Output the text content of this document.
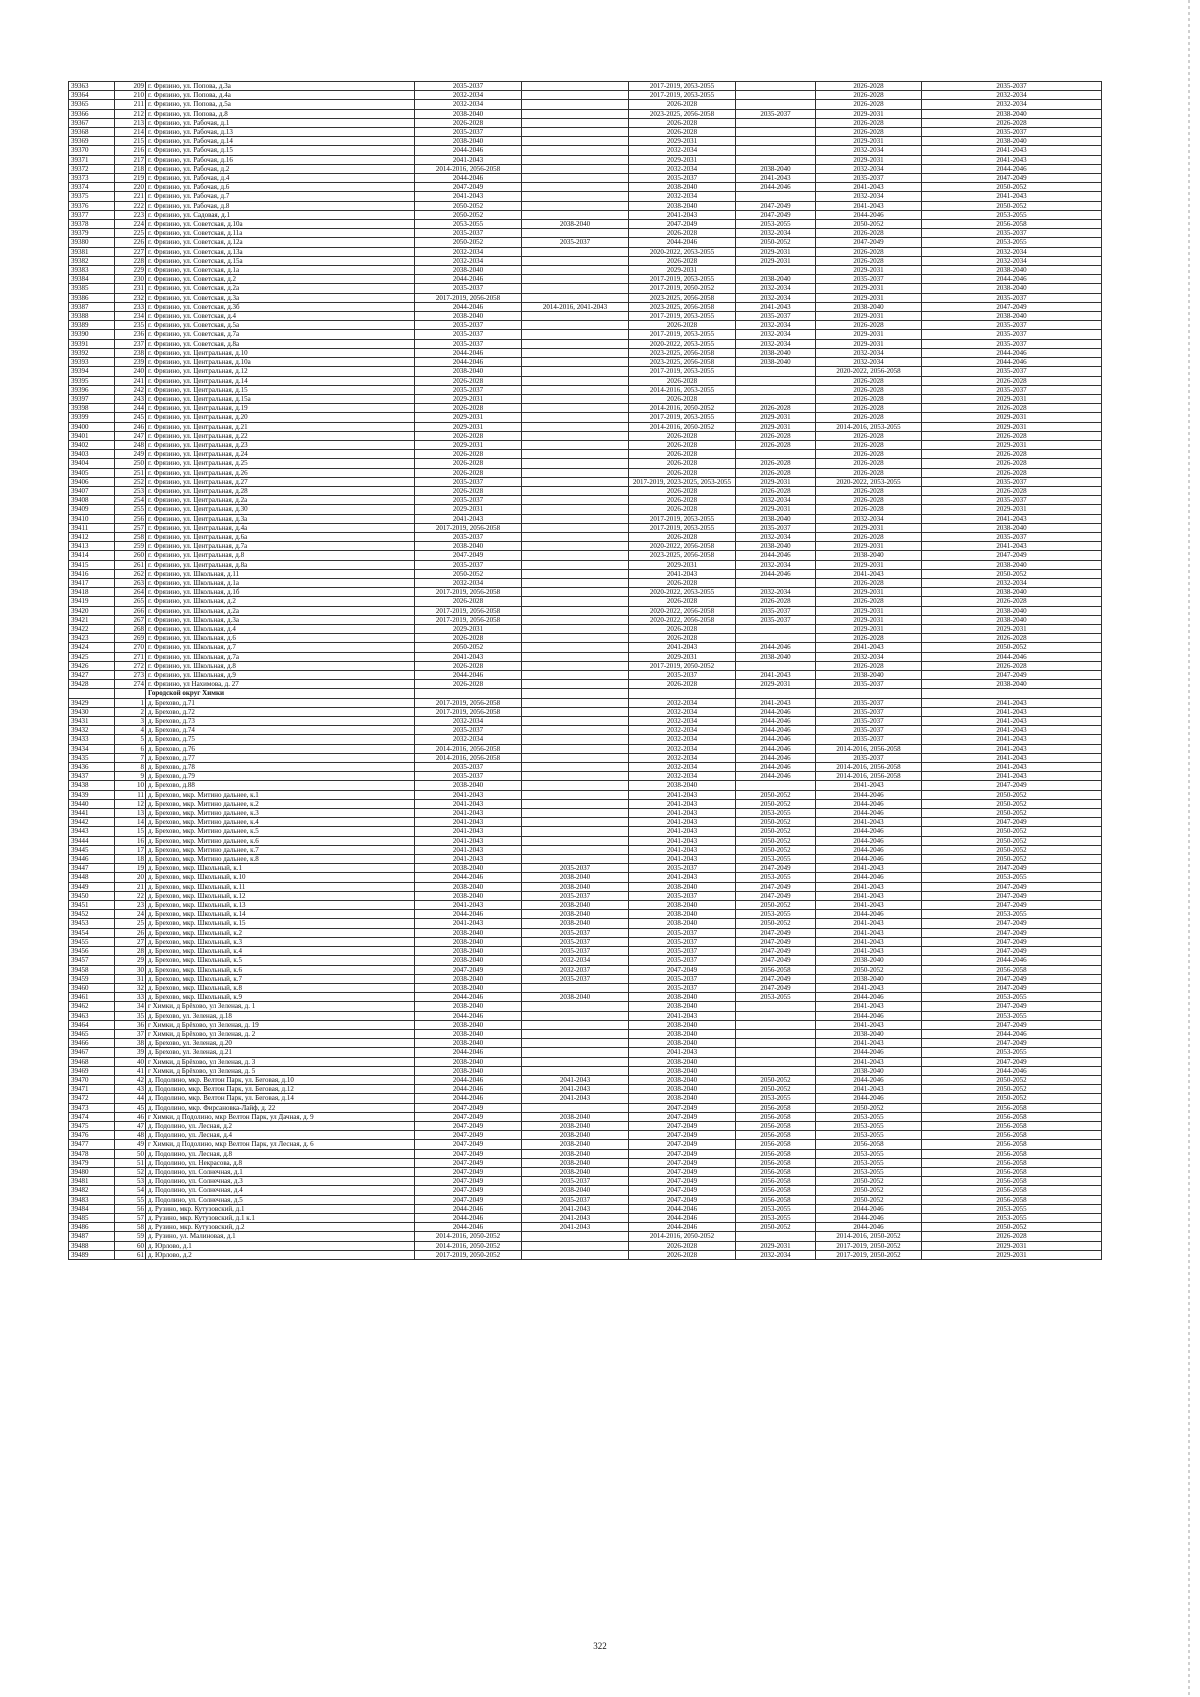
39363	209	г. Фрязино, ул. Попова, д.3а	2035-2037		2017-2019, 2053-2055		2026-2028	2035-2037
39364	210	г. Фрязино, ул. Попова, д.4а	2032-2034		2017-2019, 2053-2055		2026-2028	2032-2034
39365	211	г. Фрязино, ул. Попова, д.5а	2032-2034		2026-2028		2026-2028	2032-2034
39366	212	г. Фрязино, ул. Попова, д.8	2038-2040		2023-2025, 2056-2058	2035-2037	2029-2031	2038-2040
39367	213	г. Фрязино, ул. Рабочая, д.1	2026-2028		2026-2028		2026-2028	2026-2028
39368	214	г. Фрязино, ул. Рабочая, д.13	2035-2037		2026-2028		2026-2028	2035-2037
39369	215	г. Фрязино, ул. Рабочая, д.14	2038-2040		2029-2031		2029-2031	2038-2040
39370	216	г. Фрязино, ул. Рабочая, д.15	2044-2046		2032-2034		2032-2034	2041-2043
39371	217	г. Фрязино, ул. Рабочая, д.16	2041-2043		2029-2031		2029-2031	2041-2043
39372	218	г. Фрязино, ул. Рабочая, д.2	2014-2016, 2056-2058		2032-2034	2038-2040	2032-2034	2044-2046
39373	219	г. Фрязино, ул. Рабочая, д.4	2044-2046		2035-2037	2041-2043	2035-2037	2047-2049
39374	220	г. Фрязино, ул. Рабочая, д.6	2047-2049		2038-2040	2044-2046	2041-2043	2050-2052
39375	221	г. Фрязино, ул. Рабочая, д.7	2041-2043		2032-2034		2032-2034	2041-2043
39376	222	г. Фрязино, ул. Рабочая, д.8	2050-2052		2038-2040	2047-2049	2041-2043	2050-2052
39377	223	г. Фрязино, ул. Садовая, д.1	2050-2052		2041-2043	2047-2049	2044-2046	2053-2055
39378	224	г. Фрязино, ул. Советская, д.10а	2053-2055	2038-2040	2047-2049	2053-2055	2050-2052	2056-2058
39379	225	г. Фрязино, ул. Советская, д.11а	2035-2037		2026-2028	2032-2034	2026-2028	2035-2037
39380	226	г. Фрязино, ул. Советская, д.12а	2050-2052	2035-2037	2044-2046	2050-2052	2047-2049	2053-2055
39381	227	г. Фрязино, ул. Советская, д.13а	2032-2034		2020-2022, 2053-2055	2029-2031	2026-2028	2032-2034
39382	228	г. Фрязино, ул. Советская, д.15а	2032-2034		2026-2028	2029-2031	2026-2028	2032-2034
39383	229	г. Фрязино, ул. Советская, д.1а	2038-2040		2029-2031		2029-2031	2038-2040
39384	230	г. Фрязино, ул. Советская, д.2	2044-2046		2017-2019, 2053-2055	2038-2040	2035-2037	2044-2046
39385	231	г. Фрязино, ул. Советская, д.2а	2035-2037		2017-2019, 2050-2052	2032-2034	2029-2031	2038-2040
39386	232	г. Фрязино, ул. Советская, д.3а	2017-2019, 2056-2058		2023-2025, 2056-2058	2032-2034	2029-2031	2035-2037
39387	233	г. Фрязино, ул. Советская, д.3б	2044-2046	2014-2016, 2041-2043	2023-2025, 2056-2058	2041-2043	2038-2040	2047-2049
39388	234	г. Фрязино, ул. Советская, д.4	2038-2040		2017-2019, 2053-2055	2035-2037	2029-2031	2038-2040
39389	235	г. Фрязино, ул. Советская, д.5а	2035-2037		2026-2028	2032-2034	2026-2028	2035-2037
39390	236	г. Фрязино, ул. Советская, д.7а	2035-2037		2017-2019, 2053-2055	2032-2034	2029-2031	2035-2037
39391	237	г. Фрязино, ул. Советская, д.8а	2035-2037		2020-2022, 2053-2055	2032-2034	2029-2031	2035-2037
39392	238	г. Фрязино, ул. Центральная, д.10	2044-2046		2023-2025, 2056-2058	2038-2040	2032-2034	2044-2046
39393	239	г. Фрязино, ул. Центральная, д.10а	2044-2046		2023-2025, 2056-2058	2038-2040	2032-2034	2044-2046
39394	240	г. Фрязино, ул. Центральная, д.12	2038-2040		2017-2019, 2053-2055		2020-2022, 2056-2058	2035-2037
39395	241	г. Фрязино, ул. Центральная, д.14	2026-2028		2026-2028		2026-2028	2026-2028
39396	242	г. Фрязино, ул. Центральная, д.15	2035-2037		2014-2016, 2053-2055		2026-2028	2035-2037
39397	243	г. Фрязино, ул. Центральная, д.15а	2029-2031		2026-2028		2026-2028	2029-2031
39398	244	г. Фрязино, ул. Центральная, д.19	2026-2028		2014-2016, 2050-2052	2026-2028	2026-2028	2026-2028
39399	245	г. Фрязино, ул. Центральная, д.20	2029-2031		2017-2019, 2053-2055	2029-2031	2026-2028	2029-2031
39400	246	г. Фрязино, ул. Центральная, д.21	2029-2031		2014-2016, 2050-2052	2029-2031	2014-2016, 2053-2055	2029-2031
39401	247	г. Фрязино, ул. Центральная, д.22	2026-2028		2026-2028	2026-2028	2026-2028	2026-2028
39402	248	г. Фрязино, ул. Центральная, д.23	2029-2031		2026-2028	2026-2028	2026-2028	2029-2031
39403	249	г. Фрязино, ул. Центральная, д.24	2026-2028		2026-2028		2026-2028	2026-2028
39404	250	г. Фрязино, ул. Центральная, д.25	2026-2028		2026-2028	2026-2028	2026-2028	2026-2028
39405	251	г. Фрязино, ул. Центральная, д.26	2026-2028		2026-2028	2026-2028	2026-2028	2026-2028
39406	252	г. Фрязино, ул. Центральная, д.27	2035-2037		2017-2019, 2023-2025, 2053-2055	2029-2031	2020-2022, 2053-2055	2035-2037
39407	253	г. Фрязино, ул. Центральная, д.28	2026-2028		2026-2028	2026-2028	2026-2028	2026-2028
39408	254	г. Фрязино, ул. Центральная, д.2а	2035-2037		2026-2028	2032-2034	2026-2028	2035-2037
39409	255	г. Фрязино, ул. Центральная, д.30	2029-2031		2026-2028	2029-2031	2026-2028	2029-2031
39410	256	г. Фрязино, ул. Центральная, д.3а	2041-2043		2017-2019, 2053-2055	2038-2040	2032-2034	2041-2043
39411	257	г. Фрязино, ул. Центральная, д.4а	2017-2019, 2056-2058		2017-2019, 2053-2055	2035-2037	2029-2031	2038-2040
39412	258	г. Фрязино, ул. Центральная, д.6а	2035-2037		2026-2028	2032-2034	2026-2028	2035-2037
39413	259	г. Фрязино, ул. Центральная, д.7а	2038-2040		2020-2022, 2056-2058	2038-2040	2029-2031	2041-2043
39414	260	г. Фрязино, ул. Центральная, д.8	2047-2049		2023-2025, 2056-2058	2044-2046	2038-2040	2047-2049
39415	261	г. Фрязино, ул. Центральная, д.8а	2035-2037		2029-2031	2032-2034	2029-2031	2038-2040
39416	262	г. Фрязино, ул. Школьная, д.11	2050-2052		2041-2043	2044-2046	2041-2043	2050-2052
39417	263	г. Фрязино, ул. Школьная, д.1а	2032-2034		2026-2028		2026-2028	2032-2034
39418	264	г. Фрязино, ул. Школьная, д.1б	2017-2019, 2056-2058		2020-2022, 2053-2055	2032-2034	2029-2031	2038-2040
39419	265	г. Фрязино, ул. Школьная, д.2	2026-2028		2026-2028	2026-2028	2026-2028	2026-2028
39420	266	г. Фрязино, ул. Школьная, д.2а	2017-2019, 2056-2058		2020-2022, 2056-2058	2035-2037	2029-2031	2038-2040
39421	267	г. Фрязино, ул. Школьная, д.3а	2017-2019, 2056-2058		2020-2022, 2056-2058	2035-2037	2029-2031	2038-2040
39422	268	г. Фрязино, ул. Школьная, д.4	2029-2031		2026-2028		2029-2031	2029-2031
39423	269	г. Фрязино, ул. Школьная, д.6	2026-2028		2026-2028		2026-2028	2026-2028
39424	270	г. Фрязино, ул. Школьная, д.7	2050-2052		2041-2043	2044-2046	2041-2043	2050-2052
39425	271	г. Фрязино, ул. Школьная, д.7а	2041-2043		2029-2031	2038-2040	2032-2034	2044-2046
39426	272	г. Фрязино, ул. Школьная, д.8	2026-2028		2017-2019, 2050-2052		2026-2028	2026-2028
39427	273	г. Фрязино, ул. Школьная, д.9	2044-2046		2035-2037	2041-2043	2038-2040	2047-2049
39428	274	г. Фрязино, ул Нахимова, д. 27	2026-2028		2026-2028	2029-2031	2035-2037	2038-2040
		Городской округ Химки						
39429	1	д. Брехово, д.71	2017-2019, 2056-2058		2032-2034	2041-2043	2035-2037	2041-2043
39430	2	д. Брехово, д.72	2017-2019, 2056-2058		2032-2034	2044-2046	2035-2037	2041-2043
39431	3	д. Брехово, д.73	2032-2034		2032-2034	2044-2046	2035-2037	2041-2043
39432	4	д. Брехово, д.74	2035-2037		2032-2034	2044-2046	2035-2037	2041-2043
39433	5	д. Брехово, д.75	2032-2034		2032-2034	2044-2046	2035-2037	2041-2043
39434	6	д. Брехово, д.76	2014-2016, 2056-2058		2032-2034	2044-2046	2014-2016, 2056-2058	2041-2043
39435	7	д. Брехово, д.77	2014-2016, 2056-2058		2032-2034	2044-2046	2035-2037	2041-2043
39436	8	д. Брехово, д.78	2035-2037		2032-2034	2044-2046	2014-2016, 2056-2058	2041-2043
39437	9	д. Брехово, д.79	2035-2037		2032-2034	2044-2046	2014-2016, 2056-2058	2041-2043
39438	10	д. Брехово, д.88	2038-2040		2038-2040		2041-2043	2047-2049
39439	11	д. Брехово, мкр. Митино дальнее, к.1	2041-2043		2041-2043	2050-2052	2044-2046	2050-2052
39440	12	д. Брехово, мкр. Митино дальнее, к.2	2041-2043		2041-2043	2050-2052	2044-2046	2050-2052
39441	13	д. Брехово, мкр. Митино дальнее, к.3	2041-2043		2041-2043	2053-2055	2044-2046	2050-2052
39442	14	д. Брехово, мкр. Митино дальнее, к.4	2041-2043		2041-2043	2050-2052	2041-2043	2047-2049
39443	15	д. Брехово, мкр. Митино дальнее, к.5	2041-2043		2041-2043	2050-2052	2044-2046	2050-2052
39444	16	д. Брехово, мкр. Митино дальнее, к.6	2041-2043		2041-2043	2050-2052	2044-2046	2050-2052
39445	17	д. Брехово, мкр. Митино дальнее, к.7	2041-2043		2041-2043	2050-2052	2044-2046	2050-2052
39446	18	д. Брехово, мкр. Митино дальнее, к.8	2041-2043		2041-2043	2053-2055	2044-2046	2050-2052
39447	19	д. Брехово, мкр. Школьный, к.1	2038-2040	2035-2037	2035-2037	2047-2049	2041-2043	2047-2049
39448	20	д. Брехово, мкр. Школьный, к.10	2044-2046	2038-2040	2041-2043	2053-2055	2044-2046	2053-2055
39449	21	д. Брехово, мкр. Школьный, к.11	2038-2040	2038-2040	2038-2040	2047-2049	2041-2043	2047-2049
39450	22	д. Брехово, мкр. Школьный, к.12	2038-2040	2035-2037	2035-2037	2047-2049	2041-2043	2047-2049
39451	23	д. Брехово, мкр. Школьный, к.13	2041-2043	2038-2040	2038-2040	2050-2052	2041-2043	2047-2049
39452	24	д. Брехово, мкр. Школьный, к.14	2044-2046	2038-2040	2038-2040	2053-2055	2044-2046	2053-2055
39453	25	д. Брехово, мкр. Школьный, к.15	2041-2043	2038-2040	2038-2040	2050-2052	2041-2043	2047-2049
39454	26	д. Брехово, мкр. Школьный, к.2	2038-2040	2035-2037	2035-2037	2047-2049	2041-2043	2047-2049
39455	27	д. Брехово, мкр. Школьный, к.3	2038-2040	2035-2037	2035-2037	2047-2049	2041-2043	2047-2049
39456	28	д. Брехово, мкр. Школьный, к.4	2038-2040	2035-2037	2035-2037	2047-2049	2041-2043	2047-2049
39457	29	д. Брехово, мкр. Школьный, к.5	2038-2040	2032-2034	2035-2037	2047-2049	2038-2040	2044-2046
39458	30	д. Брехово, мкр. Школьный, к.6	2047-2049	2032-2037	2047-2049	2056-2058	2050-2052	2056-2058
39459	31	д. Брехово, мкр. Школьный, к.7	2038-2040	2035-2037	2035-2037	2047-2049	2038-2040	2047-2049
39460	32	д. Брехово, мкр. Школьный, к.8	2038-2040		2035-2037	2047-2049	2041-2043	2047-2049
39461	33	д. Брехово, мкр. Школьный, к.9	2044-2046	2038-2040	2038-2040	2053-2055	2044-2046	2053-2055
39462	34	г Химки, д Брёхово, ул Зеленая, д. 1	2038-2040		2038-2040		2041-2043	2047-2049
39463	35	д. Брехово, ул. Зеленая, д.18	2044-2046		2041-2043		2044-2046	2053-2055
39464	36	г Химки, д Брёхово, ул Зеленая, д. 19	2038-2040		2038-2040		2041-2043	2047-2049
39465	37	г Химки, д Брёхово, ул Зеленая, д. 2	2038-2040		2038-2040		2038-2040	2044-2046
39466	38	д. Брехово, ул. Зеленая, д.20	2038-2040		2038-2040		2041-2043	2047-2049
39467	39	д. Брехово, ул. Зеленая, д.21	2044-2046		2041-2043		2044-2046	2053-2055
39468	40	г Химки, д Брёхово, ул Зеленая, д. 3	2038-2040		2038-2040		2041-2043	2047-2049
39469	41	г Химки, д Брёхово, ул Зеленая, д. 5	2038-2040		2038-2040		2038-2040	2044-2046
39470	42	д. Подолино, мкр. Велтон Парк, ул. Беговая, д.10	2044-2046	2041-2043	2038-2040	2050-2052	2044-2046	2050-2052
39471	43	д. Подолино, мкр. Велтон Парк, ул. Беговая, д.12	2044-2046	2041-2043	2038-2040	2050-2052	2041-2043	2050-2052
39472	44	д. Подолино, мкр. Велтон Парк, ул. Беговая, д.14	2044-2046	2041-2043	2038-2040	2053-2055	2044-2046	2050-2052
39473	45	д. Подолино, мкр. Фирсановка-Лайф, д. 22	2047-2049		2047-2049	2056-2058	2050-2052	2056-2058
39474	46	г Химки, д Подолино, мкр Велтон Парк, ул Дачная, д. 9	2047-2049	2038-2040	2047-2049	2056-2058	2053-2055	2056-2058
39475	47	д. Подолино, ул. Лесная, д.2	2047-2049	2038-2040	2047-2049	2056-2058	2053-2055	2056-2058
39476	48	д. Подолино, ул. Лесная, д.4	2047-2049	2038-2040	2047-2049	2056-2058	2053-2055	2056-2058
39477	49	г Химки, д Подолино, мкр Велтон Парк, ул Лесная, д. 6	2047-2049	2038-2040	2047-2049	2056-2058	2056-2058	2056-2058
39478	50	д. Подолино, ул. Лесная, д.8	2047-2049	2038-2040	2047-2049	2056-2058	2053-2055	2056-2058
39479	51	д. Подолино, ул. Некрасова, д.8	2047-2049	2038-2040	2047-2049	2056-2058	2053-2055	2056-2058
39480	52	д. Подолино, ул. Солнечная, д.1	2047-2049	2038-2040	2047-2049	2056-2058	2053-2055	2056-2058
39481	53	д. Подолино, ул. Солнечная, д.3	2047-2049	2035-2037	2047-2049	2056-2058	2050-2052	2056-2058
39482	54	д. Подолино, ул. Солнечная, д.4	2047-2049	2038-2040	2047-2049	2056-2058	2050-2052	2056-2058
39483	55	д. Подолино, ул. Солнечная, д.5	2047-2049	2035-2037	2047-2049	2056-2058	2050-2052	2056-2058
39484	56	д. Рузино, мкр. Кутузовский, д.1	2044-2046	2041-2043	2044-2046	2053-2055	2044-2046	2053-2055
39485	57	д. Рузино, мкр. Кутузовский, д.1 к.1	2044-2046	2041-2043	2044-2046	2053-2055	2044-2046	2053-2055
39486	58	д. Рузино, мкр. Кутузовский, д.2	2044-2046	2041-2043	2044-2046	2050-2052	2044-2046	2050-2052
39487	59	д. Рузино, ул. Малиновая, д.1	2014-2016, 2050-2052		2014-2016, 2050-2052		2014-2016, 2050-2052	2026-2028
39488	60	д. Юрлово, д.1	2014-2016, 2050-2052		2026-2028	2029-2031	2017-2019, 2050-2052	2029-2031
39489	61	д. Юрлово, д.2	2017-2019, 2050-2052		2026-2028	2032-2034	2017-2019, 2050-2052	2029-2031
322
